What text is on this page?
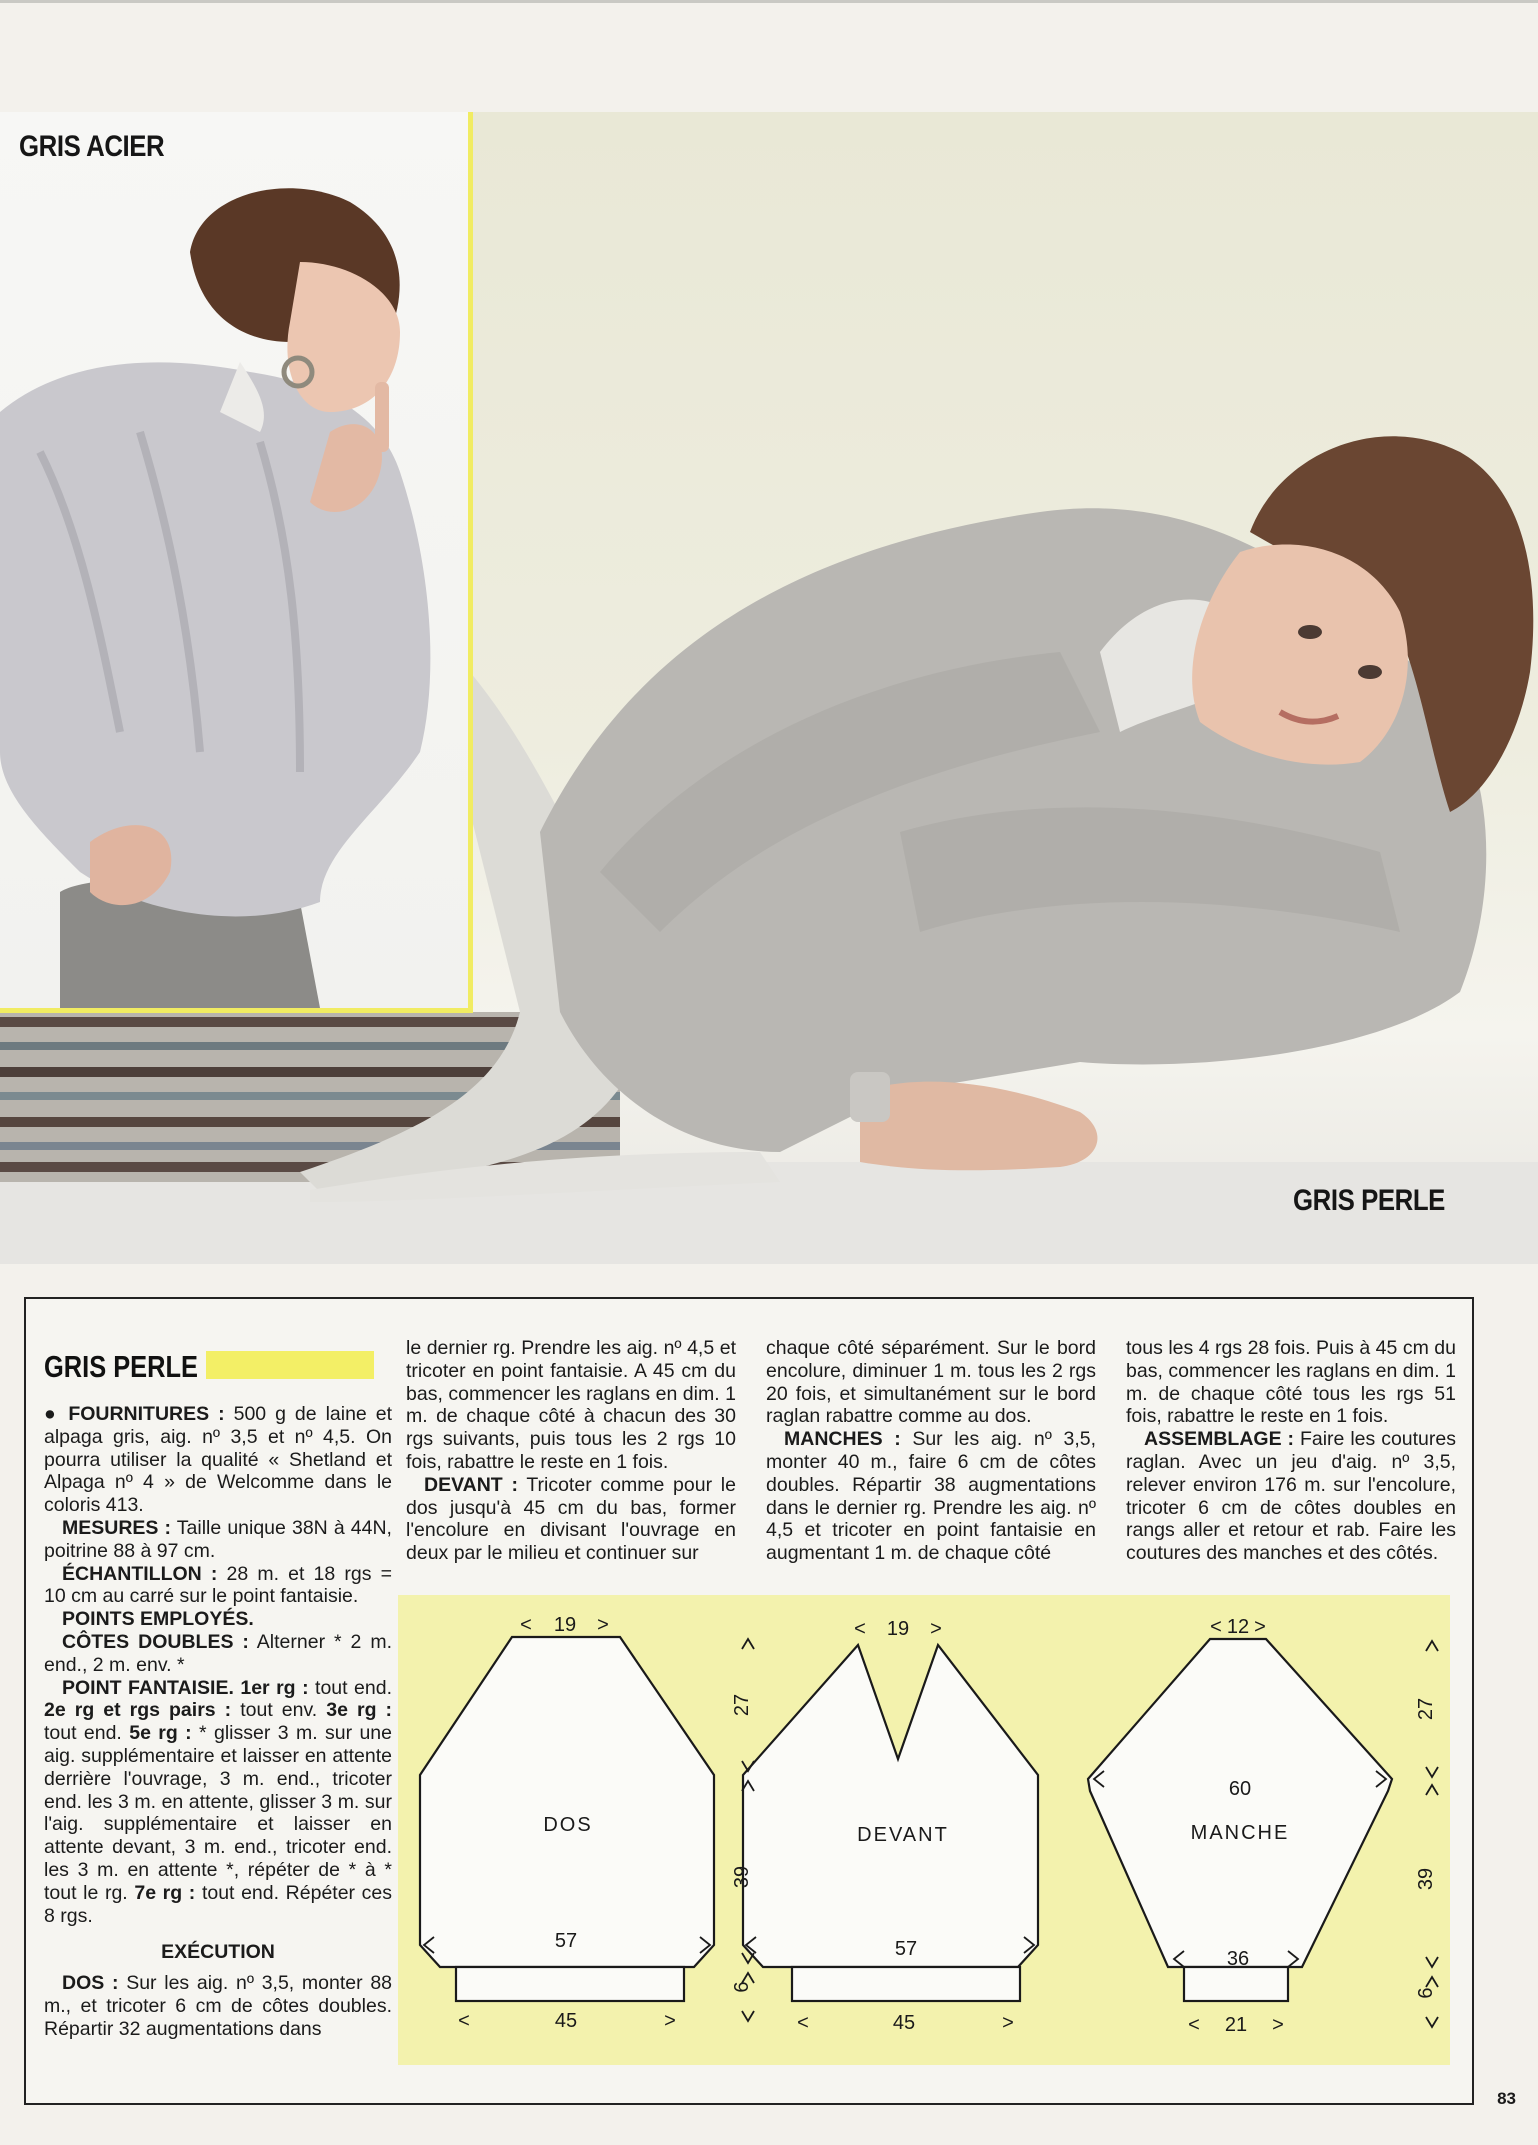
GRIS ACIER
GRIS PERLE
GRIS PERLE

● FOURNITURES : 500 g de laine et alpaga gris, aig. nº 3,5 et nº 4,5. On pourra utiliser la qualité « Shetland et Alpaga nº 4 » de Welcomme dans le coloris 413.

MESURES : Taille unique 38N à 44N, poitrine 88 à 97 cm.

ÉCHANTILLON : 28 m. et 18 rgs = 10 cm au carré sur le point fantaisie.

POINTS EMPLOYÉS.

CÔTES DOUBLES : Alterner * 2 m. end., 2 m. env. *

POINT FANTAISIE. 1er rg : tout end. 2e rg et rgs pairs : tout env. 3e rg : tout end. 5e rg : * glisser 3 m. sur une aig. supplémentaire et laisser en attente derrière l'ouvrage, 3 m. end., tricoter end. les 3 m. en attente, glisser 3 m. sur l'aig. supplémentaire et laisser en attente devant, 3 m. end., tricoter end. les 3 m. en attente *, répéter de * à * tout le rg. 7e rg : tout end. Répéter ces 8 rgs.

EXÉCUTION

DOS : Sur les aig. nº 3,5, monter 88 m., et tricoter 6 cm de côtes doubles. Répartir 32 augmentations dans

le dernier rg. Prendre les aig. nº 4,5 et tricoter en point fantaisie. A 45 cm du bas, commencer les raglans en dim. 1 m. de chaque côté à chacun des 30 rgs suivants, puis tous les 2 rgs 10 fois, rabattre le reste en 1 fois.

DEVANT : Tricoter comme pour le dos jusqu'à 45 cm du bas, former l'encolure en divisant l'ouvrage en deux par le milieu et continuer sur

chaque côté séparément. Sur le bord encolure, diminuer 1 m. tous les 2 rgs 20 fois, et simultanément sur le bord raglan rabattre comme au dos.

MANCHES : Sur les aig. nº 3,5, monter 40 m., faire 6 cm de côtes doubles. Répartir 38 augmentations dans le dernier rg. Prendre les aig. nº 4,5 et tricoter en point fantaisie en augmentant 1 m. de chaque côté

tous les 4 rgs 28 fois. Puis à 45 cm du bas, commencer les raglans en dim. 1 m. de chaque côté tous les rgs 51 fois, rabattre le reste en 1 fois.

ASSEMBLAGE : Faire les coutures raglan. Avec un jeu d'aig. nº 3,5, relever environ 176 m. sur l'encolure, tricoter 6 cm de côtes doubles en rangs aller et retour et rab. Faire les coutures des manches et des côtés.

19
<	>
DOS
57
45
<	>
27
39
6
19
<	>
DEVANT
57
45
<	>
12
< >
60
MANCHE
36
21
<	>
27
39
6
83
